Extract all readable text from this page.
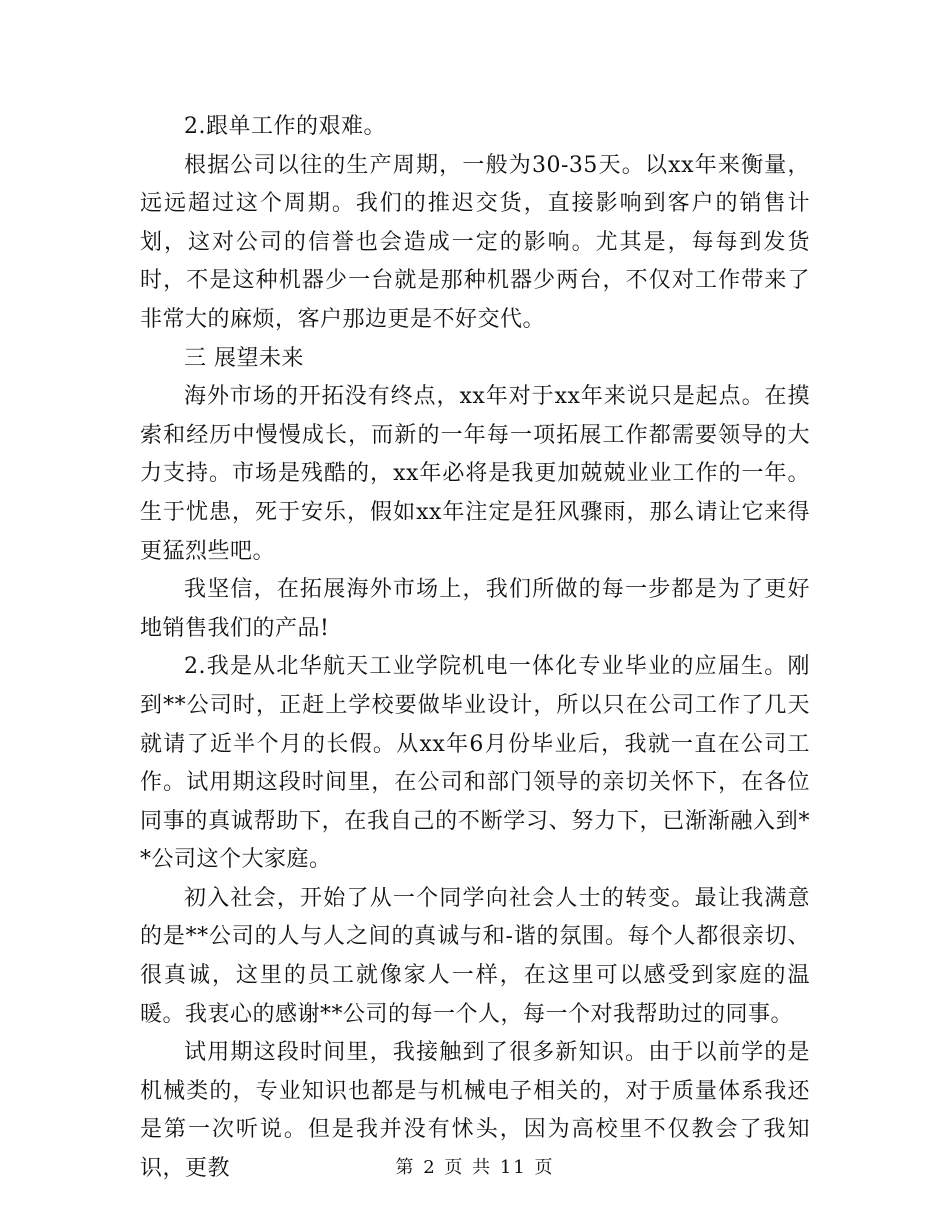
2.跟单工作的艰难。

根据公司以往的生产周期，一般为30-35天。以xx年来衡量，远远超过这个周期。我们的推迟交货，直接影响到客户的销售计划，这对公司的信誉也会造成一定的影响。尤其是，每每到发货时，不是这种机器少一台就是那种机器少两台，不仅对工作带来了非常大的麻烦，客户那边更是不好交代。

三 展望未来

海外市场的开拓没有终点，xx年对于xx年来说只是起点。在摸索和经历中慢慢成长，而新的一年每一项拓展工作都需要领导的大力支持。市场是残酷的，xx年必将是我更加兢兢业业工作的一年。生于忧患，死于安乐，假如xx年注定是狂风骤雨，那么请让它来得更猛烈些吧。

我坚信，在拓展海外市场上，我们所做的每一步都是为了更好地销售我们的产品!

2.我是从北华航天工业学院机电一体化专业毕业的应届生。刚到**公司时，正赶上学校要做毕业设计，所以只在公司工作了几天就请了近半个月的长假。从xx年6月份毕业后，我就一直在公司工作。试用期这段时间里，在公司和部门领导的亲切关怀下，在各位同事的真诚帮助下，在我自己的不断学习、努力下，已渐渐融入到**公司这个大家庭。

初入社会，开始了从一个同学向社会人士的转变。最让我满意的是**公司的人与人之间的真诚与和-谐的氛围。每个人都很亲切、很真诚，这里的员工就像家人一样，在这里可以感受到家庭的温暖。我衷心的感谢**公司的每一个人，每一个对我帮助过的同事。

试用期这段时间里，我接触到了很多新知识。由于以前学的是机械类的，专业知识也都是与机械电子相关的，对于质量体系我还是第一次听说。但是我并没有怵头，因为高校里不仅教会了我知识，更教	第 2 页 共 11 页
